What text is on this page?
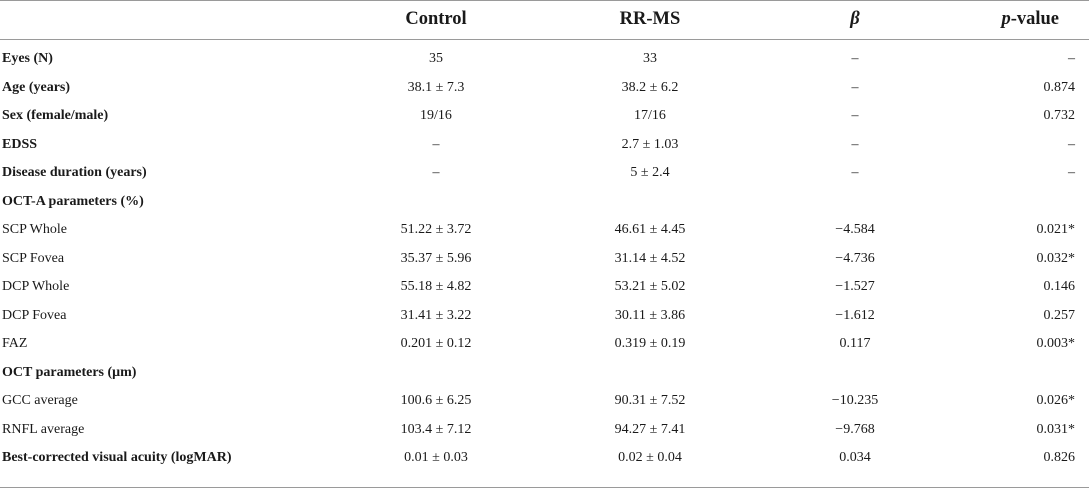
	Control	RR-MS	β	p-value
Eyes (N)	35	33	–	–
Age (years)	38.1 ± 7.3	38.2 ± 6.2	–	0.874
Sex (female/male)	19/16	17/16	–	0.732
EDSS	–	2.7 ± 1.03	–	–
Disease duration (years)	–	5 ± 2.4	–	–
OCT-A parameters (%)				
SCP Whole	51.22 ± 3.72	46.61 ± 4.45	−4.584	0.021*
SCP Fovea	35.37 ± 5.96	31.14 ± 4.52	−4.736	0.032*
DCP Whole	55.18 ± 4.82	53.21 ± 5.02	−1.527	0.146
DCP Fovea	31.41 ± 3.22	30.11 ± 3.86	−1.612	0.257
FAZ	0.201 ± 0.12	0.319 ± 0.19	0.117	0.003*
OCT parameters (μm)				
GCC average	100.6 ± 6.25	90.31 ± 7.52	−10.235	0.026*
RNFL average	103.4 ± 7.12	94.27 ± 7.41	−9.768	0.031*
Best-corrected visual acuity (logMAR)	0.01 ± 0.03	0.02 ± 0.04	0.034	0.826
